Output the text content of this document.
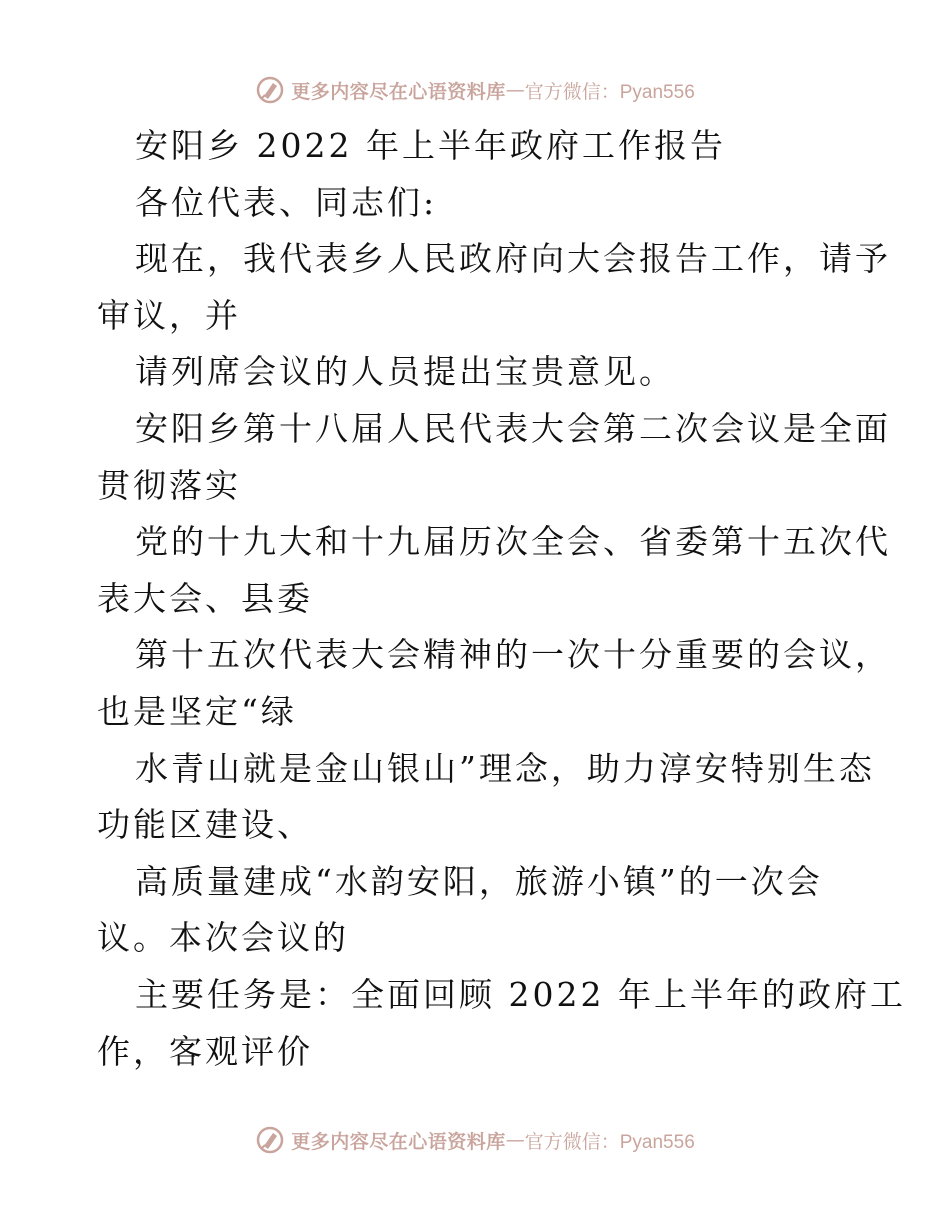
更多内容尽在心语资料库 — 官方微信：Pyan556
安阳乡 2022 年上半年政府工作报告
各位代表、同志们:
现在，我代表乡人民政府向大会报告工作，请予
审议，并
请列席会议的人员提出宝贵意见。
安阳乡第十八届人民代表大会第二次会议是全面
贯彻落实
党的十九大和十九届历次全会、省委第十五次代
表大会、县委
第十五次代表大会精神的一次十分重要的会议，
也是坚定“绿
水青山就是金山银山”理念，助力淳安特别生态
功能区建设、
高质量建成“水韵安阳，旅游小镇”的一次会
议。本次会议的
主要任务是：全面回顾 2022 年上半年的政府工
作，客观评价
更多内容尽在心语资料库 — 官方微信：Pyan556
